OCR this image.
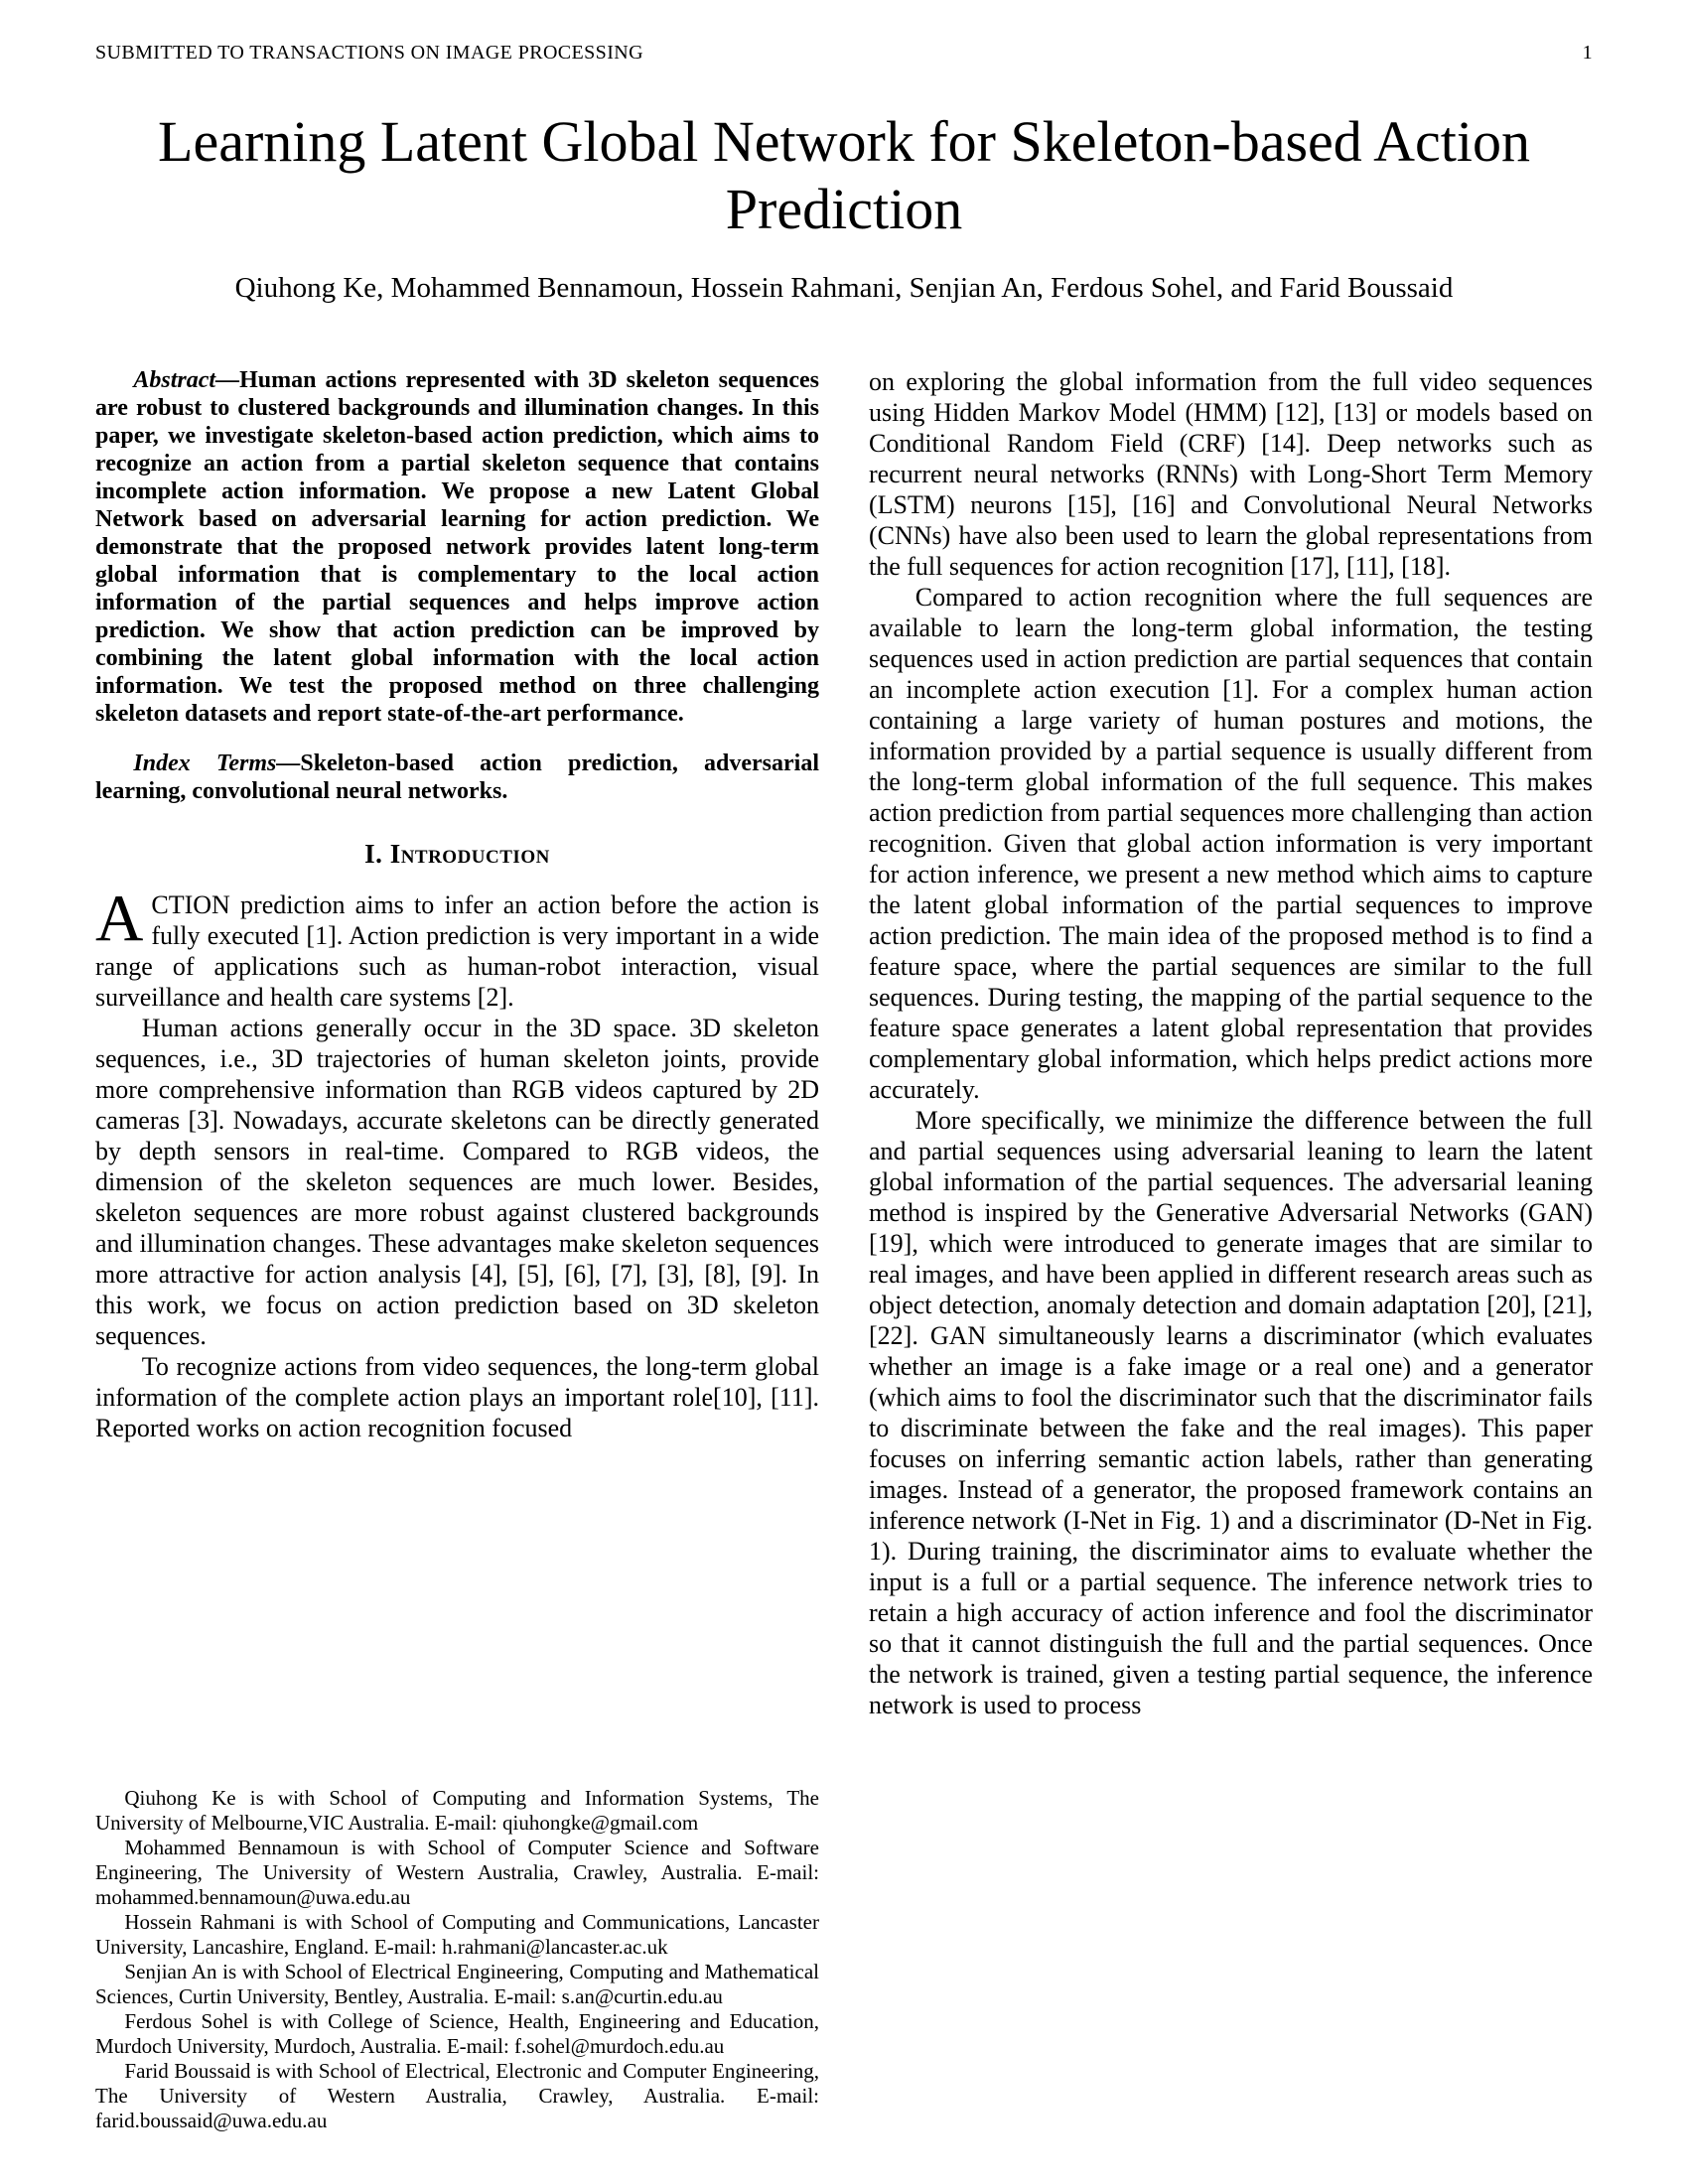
SUBMITTED TO TRANSACTIONS ON IMAGE PROCESSING	1
Learning Latent Global Network for Skeleton-based Action Prediction
Qiuhong Ke, Mohammed Bennamoun, Hossein Rahmani, Senjian An, Ferdous Sohel, and Farid Boussaid

Abstract—Human actions represented with 3D skeleton sequences are robust to clustered backgrounds and illumination changes. In this paper, we investigate skeleton-based action prediction, which aims to recognize an action from a partial skeleton sequence that contains incomplete action information. We propose a new Latent Global Network based on adversarial learning for action prediction. We demonstrate that the proposed network provides latent long-term global information that is complementary to the local action information of the partial sequences and helps improve action prediction. We show that action prediction can be improved by combining the latent global information with the local action information. We test the proposed method on three challenging skeleton datasets and report state-of-the-art performance.

Index Terms—Skeleton-based action prediction, adversarial learning, convolutional neural networks.

I. Introduction

ACTION prediction aims to infer an action before the action is fully executed [1]. Action prediction is very important in a wide range of applications such as human-robot interaction, visual surveillance and health care systems [2].

Human actions generally occur in the 3D space. 3D skeleton sequences, i.e., 3D trajectories of human skeleton joints, provide more comprehensive information than RGB videos captured by 2D cameras [3]. Nowadays, accurate skeletons can be directly generated by depth sensors in real-time. Compared to RGB videos, the dimension of the skeleton sequences are much lower. Besides, skeleton sequences are more robust against clustered backgrounds and illumination changes. These advantages make skeleton sequences more attractive for action analysis [4], [5], [6], [7], [3], [8], [9]. In this work, we focus on action prediction based on 3D skeleton sequences.

To recognize actions from video sequences, the long-term global information of the complete action plays an important role[10], [11]. Reported works on action recognition focused

Qiuhong Ke is with School of Computing and Information Systems, The University of Melbourne,VIC Australia. E-mail: qiuhongke@gmail.com

Mohammed Bennamoun is with School of Computer Science and Software Engineering, The University of Western Australia, Crawley, Australia. E-mail: mohammed.bennamoun@uwa.edu.au

Hossein Rahmani is with School of Computing and Communications, Lancaster University, Lancashire, England. E-mail: h.rahmani@lancaster.ac.uk

Senjian An is with School of Electrical Engineering, Computing and Mathematical Sciences, Curtin University, Bentley, Australia. E-mail: s.an@curtin.edu.au

Ferdous Sohel is with College of Science, Health, Engineering and Education, Murdoch University, Murdoch, Australia. E-mail: f.sohel@murdoch.edu.au

Farid Boussaid is with School of Electrical, Electronic and Computer Engineering, The University of Western Australia, Crawley, Australia. E-mail: farid.boussaid@uwa.edu.au

on exploring the global information from the full video sequences using Hidden Markov Model (HMM) [12], [13] or models based on Conditional Random Field (CRF) [14]. Deep networks such as recurrent neural networks (RNNs) with Long-Short Term Memory (LSTM) neurons [15], [16] and Convolutional Neural Networks (CNNs) have also been used to learn the global representations from the full sequences for action recognition [17], [11], [18].

Compared to action recognition where the full sequences are available to learn the long-term global information, the testing sequences used in action prediction are partial sequences that contain an incomplete action execution [1]. For a complex human action containing a large variety of human postures and motions, the information provided by a partial sequence is usually different from the long-term global information of the full sequence. This makes action prediction from partial sequences more challenging than action recognition. Given that global action information is very important for action inference, we present a new method which aims to capture the latent global information of the partial sequences to improve action prediction. The main idea of the proposed method is to find a feature space, where the partial sequences are similar to the full sequences. During testing, the mapping of the partial sequence to the feature space generates a latent global representation that provides complementary global information, which helps predict actions more accurately.

More specifically, we minimize the difference between the full and partial sequences using adversarial leaning to learn the latent global information of the partial sequences. The adversarial leaning method is inspired by the Generative Adversarial Networks (GAN) [19], which were introduced to generate images that are similar to real images, and have been applied in different research areas such as object detection, anomaly detection and domain adaptation [20], [21], [22]. GAN simultaneously learns a discriminator (which evaluates whether an image is a fake image or a real one) and a generator (which aims to fool the discriminator such that the discriminator fails to discriminate between the fake and the real images). This paper focuses on inferring semantic action labels, rather than generating images. Instead of a generator, the proposed framework contains an inference network (I-Net in Fig. 1) and a discriminator (D-Net in Fig. 1). During training, the discriminator aims to evaluate whether the input is a full or a partial sequence. The inference network tries to retain a high accuracy of action inference and fool the discriminator so that it cannot distinguish the full and the partial sequences. Once the network is trained, given a testing partial sequence, the inference network is used to process
